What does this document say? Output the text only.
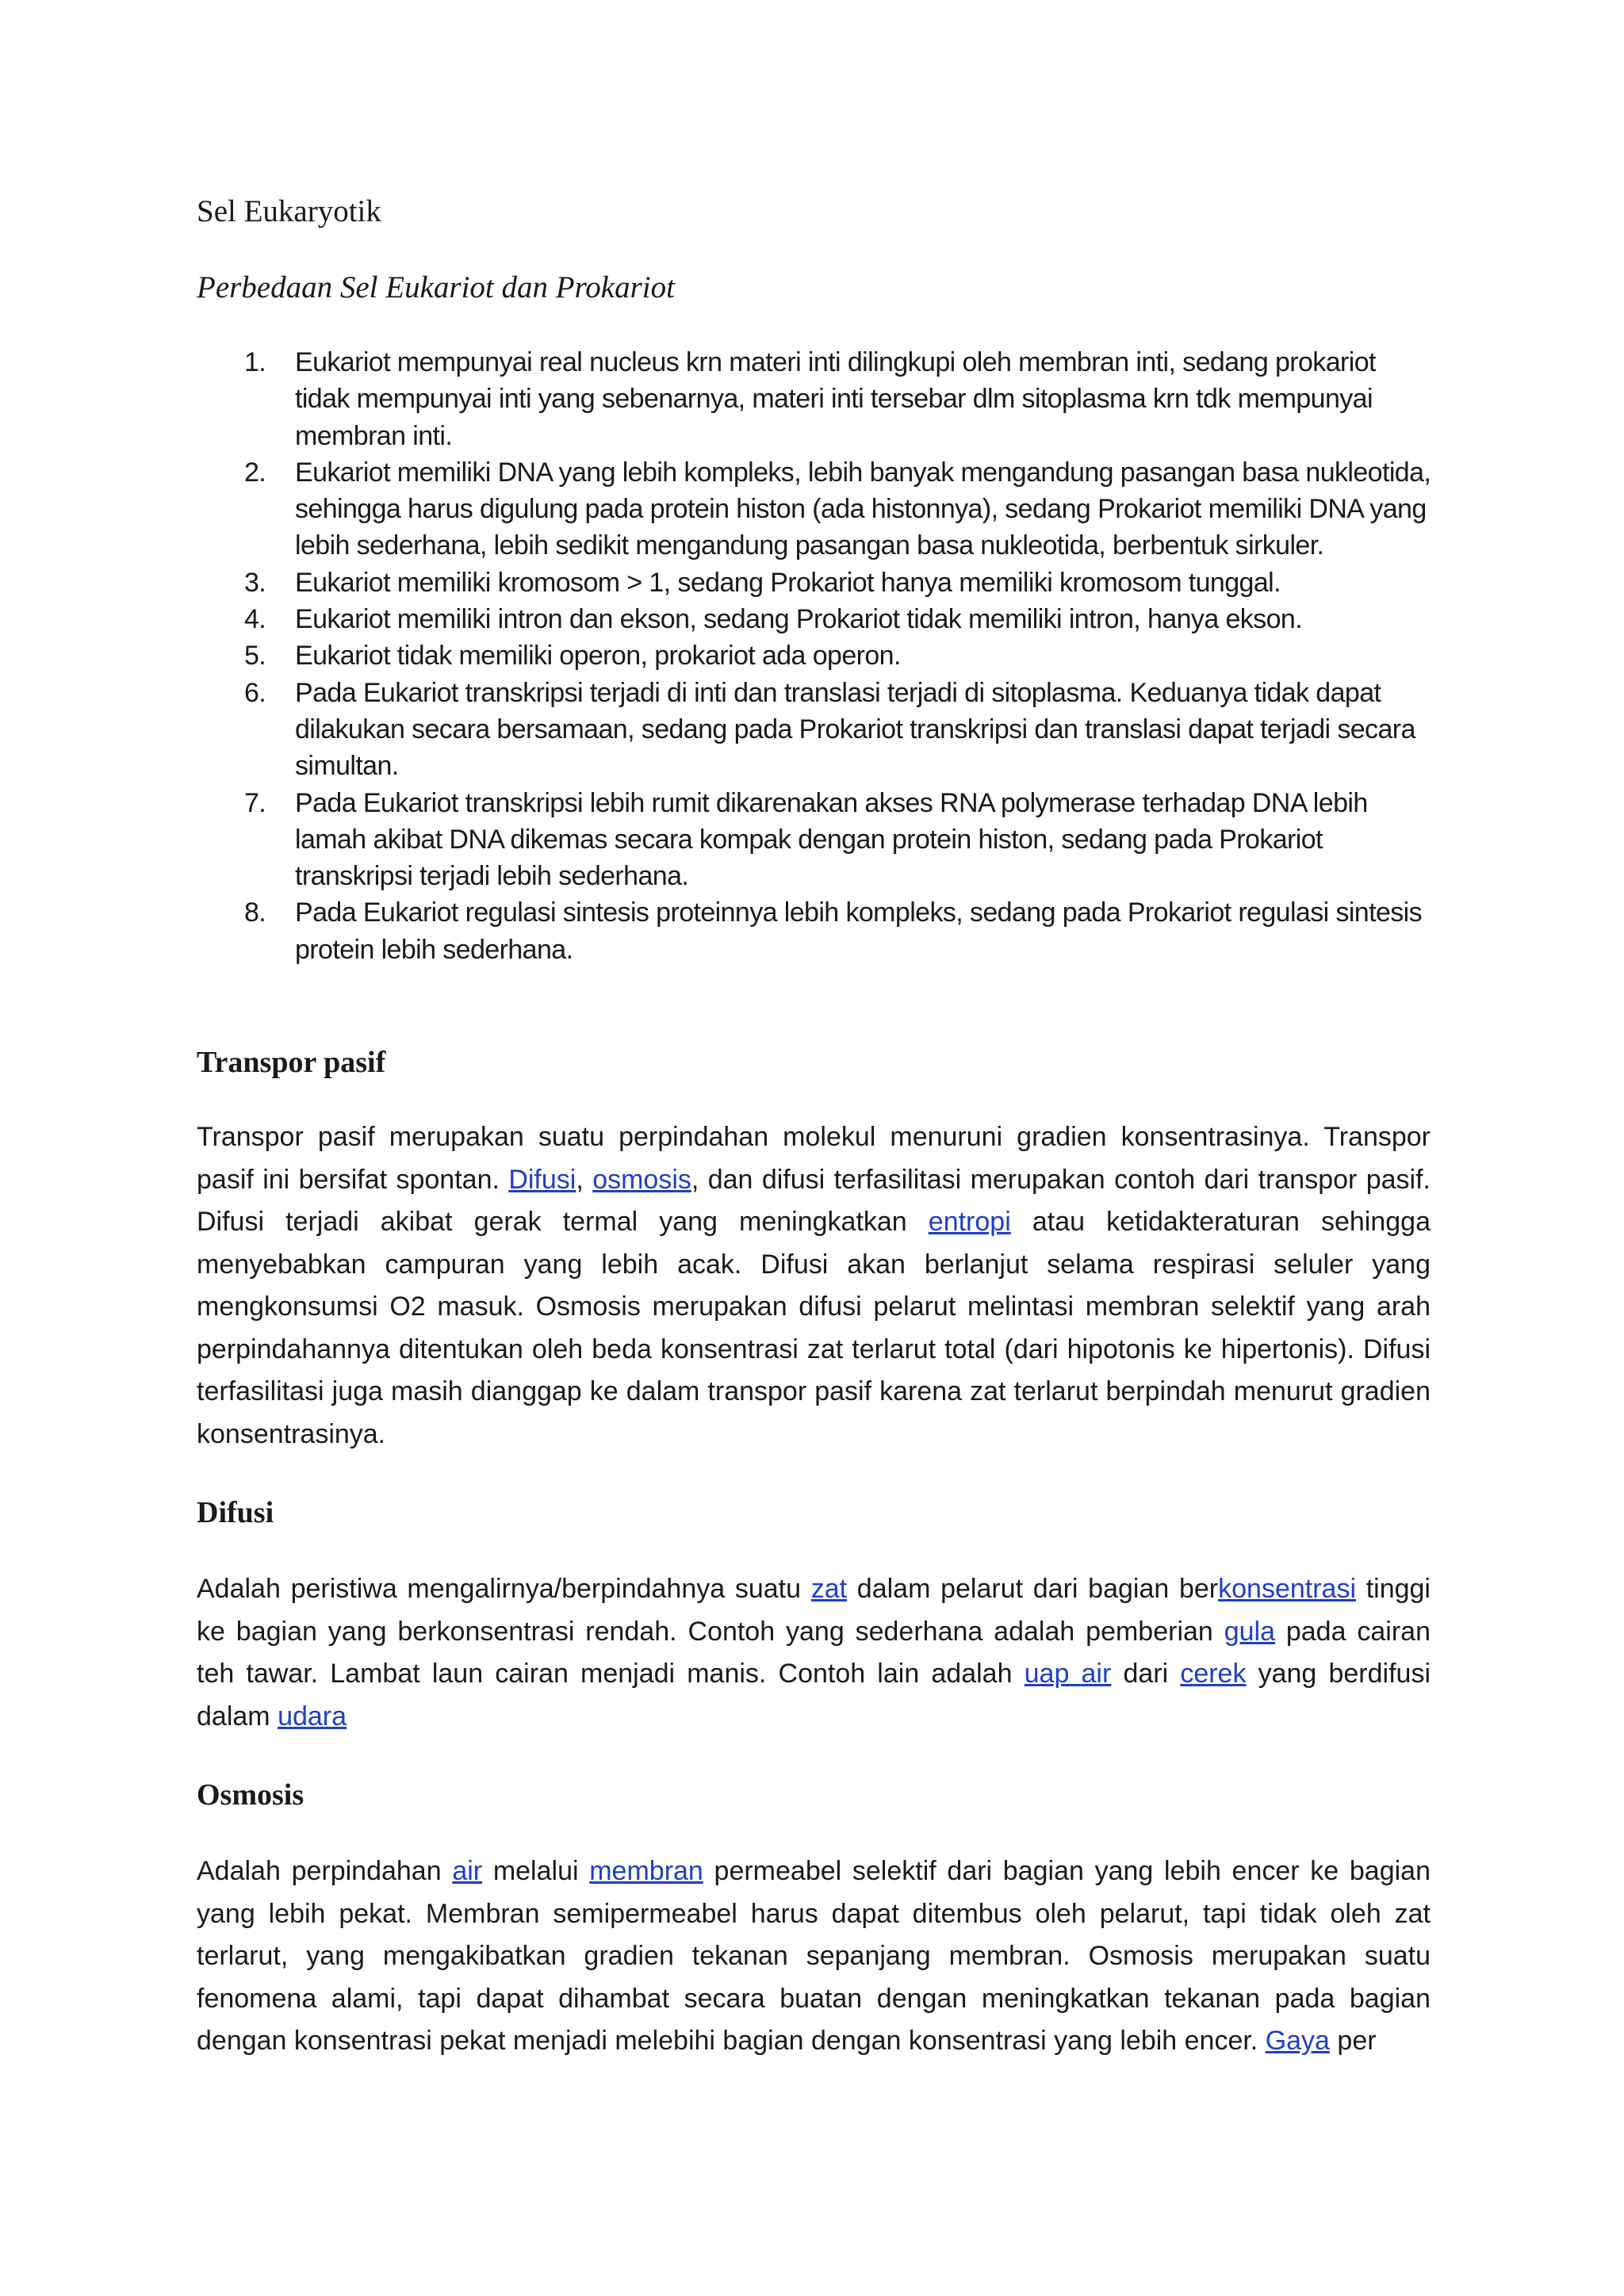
Sel Eukaryotik
Perbedaan Sel Eukariot dan Prokariot
1. Eukariot mempunyai real nucleus krn materi inti dilingkupi oleh membran inti, sedang prokariot tidak mempunyai inti yang sebenarnya, materi inti tersebar dlm sitoplasma krn tdk mempunyai membran inti.
2. Eukariot memiliki DNA yang lebih kompleks, lebih banyak mengandung pasangan basa nukleotida, sehingga harus digulung pada protein histon (ada histonnya), sedang Prokariot memiliki DNA yang lebih sederhana, lebih sedikit mengandung pasangan basa nukleotida, berbentuk sirkuler.
3. Eukariot memiliki kromosom > 1, sedang Prokariot hanya memiliki kromosom tunggal.
4. Eukariot memiliki intron dan ekson, sedang Prokariot tidak memiliki intron, hanya ekson.
5. Eukariot tidak memiliki operon, prokariot ada operon.
6. Pada Eukariot transkripsi terjadi di inti dan translasi terjadi di sitoplasma. Keduanya tidak dapat dilakukan secara bersamaan, sedang pada Prokariot transkripsi dan translasi dapat terjadi secara simultan.
7. Pada Eukariot transkripsi lebih rumit dikarenakan akses RNA polymerase terhadap DNA lebih lamah akibat DNA dikemas secara kompak dengan protein histon, sedang pada Prokariot transkripsi terjadi lebih sederhana.
8. Pada Eukariot regulasi sintesis proteinnya lebih kompleks, sedang pada Prokariot regulasi sintesis protein lebih sederhana.
Transpor pasif

Transpor pasif merupakan suatu perpindahan molekul menuruni gradien konsentrasinya. Transpor pasif ini bersifat spontan. Difusi, osmosis, dan difusi terfasilitasi merupakan contoh dari transpor pasif. Difusi terjadi akibat gerak termal yang meningkatkan entropi atau ketidakteraturan sehingga menyebabkan campuran yang lebih acak. Difusi akan berlanjut selama respirasi seluler yang mengkonsumsi O2 masuk. Osmosis merupakan difusi pelarut melintasi membran selektif yang arah perpindahannya ditentukan oleh beda konsentrasi zat terlarut total (dari hipotonis ke hipertonis). Difusi terfasilitasi juga masih dianggap ke dalam transpor pasif karena zat terlarut berpindah menurut gradien konsentrasinya.

Difusi

Adalah peristiwa mengalirnya/berpindahnya suatu zat dalam pelarut dari bagian berkonsentrasi tinggi ke bagian yang berkonsentrasi rendah. Contoh yang sederhana adalah pemberian gula pada cairan teh tawar. Lambat laun cairan menjadi manis. Contoh lain adalah uap air dari cerek yang berdifusi dalam udara

Osmosis

Adalah perpindahan air melalui membran permeabel selektif dari bagian yang lebih encer ke bagian yang lebih pekat. Membran semipermeabel harus dapat ditembus oleh pelarut, tapi tidak oleh zat terlarut, yang mengakibatkan gradien tekanan sepanjang membran. Osmosis merupakan suatu fenomena alami, tapi dapat dihambat secara buatan dengan meningkatkan tekanan pada bagian dengan konsentrasi pekat menjadi melebihi bagian dengan konsentrasi yang lebih encer. Gaya per
